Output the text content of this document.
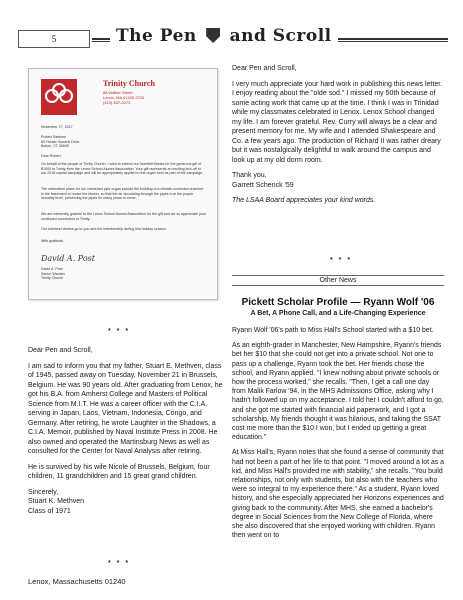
5	The Pen and Scroll
Trinity Church
88 Walker Street
Lenox, MA 01240-2725
(413) 637-0073
November 27, 2017
Robert Santone
69 Hoosic Summit Drive
Bolton, CT 06043
Dear Robert,
On behalf of the people of Trinity Church, I wish to extend our heartfelt thanks for the generous gift of $1000 to Trinity from the Lenox School Alumni Association. Your gift represents an exciting kick-off to our 2018 capital campaign and will be appropriately applied to the organ fund as part of the campaign.
The restoration plans for our cherished pipe organ include the building of a climate-controlled chamber in the basement to house the blower, so that the air circulating through the pipes is at the proper humidity level, preserving the pipes for many years to come.
We are extremely grateful to the Lenox School Alumni Association for the gift and we so appreciate your continued connection to Trinity.
Our warmest wishes go to you and the membership during this holiday season.
With gratitude,
David A. Post
David A. Post
Senior Warden
Trinity Church
* * *

Dear Pen and Scroll,

I am sad to inform you that my father, Stuart E. Methven, class of 1945, passed away on Tuesday, November 21 in Brussels, Belgium. He was 90 years old. After graduating from Lenox, he got his B.A. from Amherst College and Masters of Political Science from M.I.T. He was a career officer with the C.I.A. serving in Japan, Laos, Vietnam, Indonesia, Congo, and Germany. After retiring, he wrote Laughter in the Shadows, a C.I.A. Memoir, published by Naval Institute Press in 2008. He also owned and operated the Martinsburg News as well as consulted for the Center for Naval Analysis after retiring.

He is survived by his wife Nicole of Brussels, Belgium, four children, 11 grandchildren and 15 great grand children.

Sincerely,
Stuart K. Methven
Class of 1971
* * *
Lenox, Massachusetts 01240

Dear Pen and Scroll,

I very much appreciate your hard work in publishing this news letter. I enjoy reading about the "olde sod." I missed my 50th because of some acting work that came up at the time. I think I was in Trinidad while my classmates celebrated in Lenox. Lenox School changed my life. I am forever grateful. Rev. Curry will always be a clear and present memory for me. My wife and I attended Shakespeare and Co. a few years ago. The production of Richard II was rather dreary but it was nostalgically delightful to walk around the campus and look up at my old dorm room.

Thank you,

Garrett Schenck '59

The LSAA Board appreciates your kind words.

* * *
Other News
Pickett Scholar Profile — Ryann Wolf '06
A Bet, A Phone Call, and a Life-Changing Experience

Ryann Wolf '06's path to Miss Hall's School started with a $10 bet.

As an eighth-grader in Manchester, New Hampshire, Ryann's friends bet her $10 that she could not get into a private school. Not one to pass up a challenge, Ryann took the bet. Her friends chose the school, and Ryann applied. "I knew nothing about private schools or how the process worked," she recalls. "Then, I get a call one day from Malik Farlow '94, in the MHS Admissions Office, asking why I hadn't followed up on my acceptance. I told her I couldn't afford to go, and she got me started with financial aid paperwork, and I got a scholarship. My friends thought it was hilarious, and taking the SSAT cost me more than the $10 I won, but I ended up getting a great education."

At Miss Hall's, Ryann notes that she found a sense of community that had not been a part of her life to that point. "I moved around a lot as a kid, and Miss Hall's provided me with stability," she recalls. "You build relationships, not only with students, but also with the teachers who were so integral to my experience there." As a student, Ryann loved history, and she especially appreciated her Horizons experiences and giving back to the community. After MHS, she earned a bachelor's degree in Social Sciences from the New College of Florida, where she also discovered that she enjoyed working with children. Ryann then went on to
